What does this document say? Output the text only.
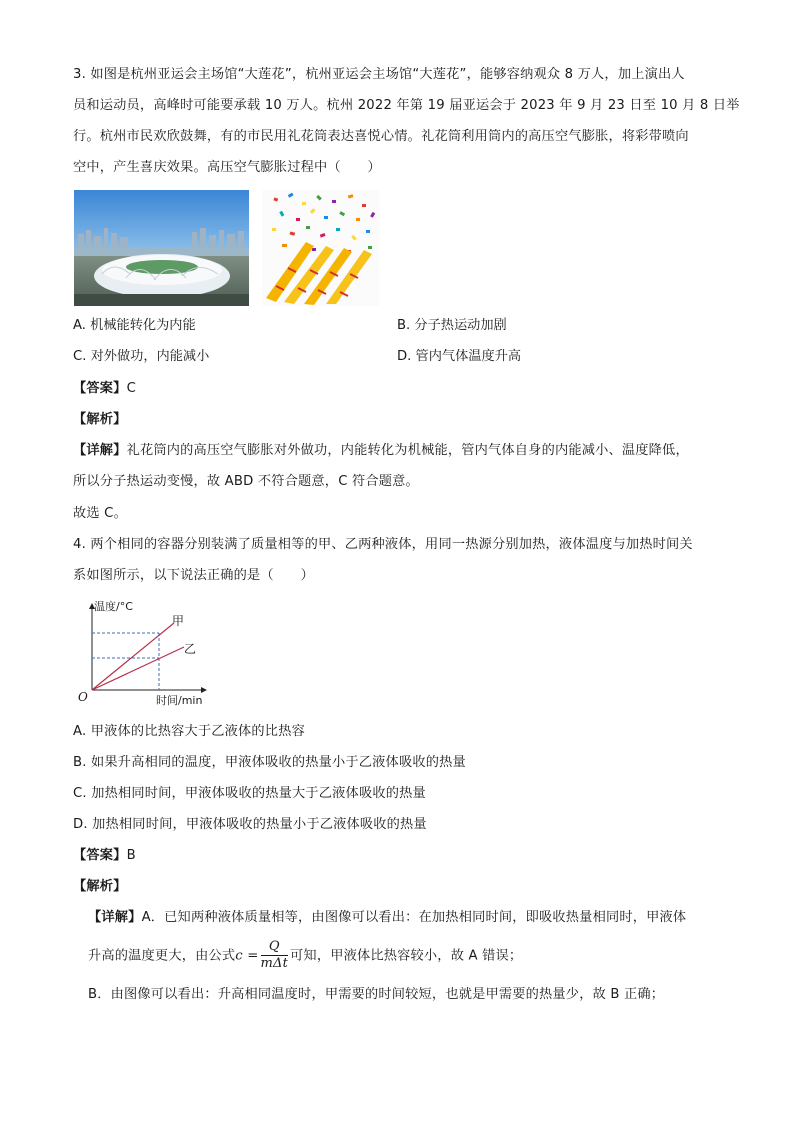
3. 如图是杭州亚运会主场馆“大莲花”，杭州亚运会主场馆“大莲花”，能够容纳观众 8 万人，加上演出人
员和运动员，高峰时可能要承载 10 万人。杭州 2022 年第 19 届亚运会于 2023 年 9 月 23 日至 10 月 8 日举
行。杭州市民欢欣鼓舞，有的市民用礼花筒表达喜悦心情。礼花筒利用筒内的高压空气膨胀，将彩带喷向
空中，产生喜庆效果。高压空气膨胀过程中（　　）
A. 机械能转化为内能	B. 分子热运动加剧
C. 对外做功，内能减小	D. 管内气体温度升高
【答案】C
【解析】
【详解】礼花筒内的高压空气膨胀对外做功，内能转化为机械能，管内气体自身的内能减小、温度降低，
所以分子热运动变慢，故 ABD 不符合题意，C 符合题意。
故选 C。
4. 两个相同的容器分别装满了质量相等的甲、乙两种液体，用同一热源分别加热，液体温度与加热时间关
系如图所示，以下说法正确的是（　　）
温度/°C
时间/min
O
甲
乙
A. 甲液体的比热容大于乙液体的比热容
B. 如果升高相同的温度，甲液体吸收的热量小于乙液体吸收的热量
C. 加热相同时间，甲液体吸收的热量大于乙液体吸收的热量
D. 加热相同时间，甲液体吸收的热量小于乙液体吸收的热量
【答案】B
【解析】
【详解】A．已知两种液体质量相等，由图像可以看出：在加热相同时间，即吸收热量相同时，甲液体
升高的温度更大，由公式$c = \frac{Q}{\text{mΔt}}$ 可知，甲液体比热容较小，故 A 错误；
B．由图像可以看出：升高相同温度时，甲需要的时间较短，也就是甲需要的热量少，故 B 正确；
